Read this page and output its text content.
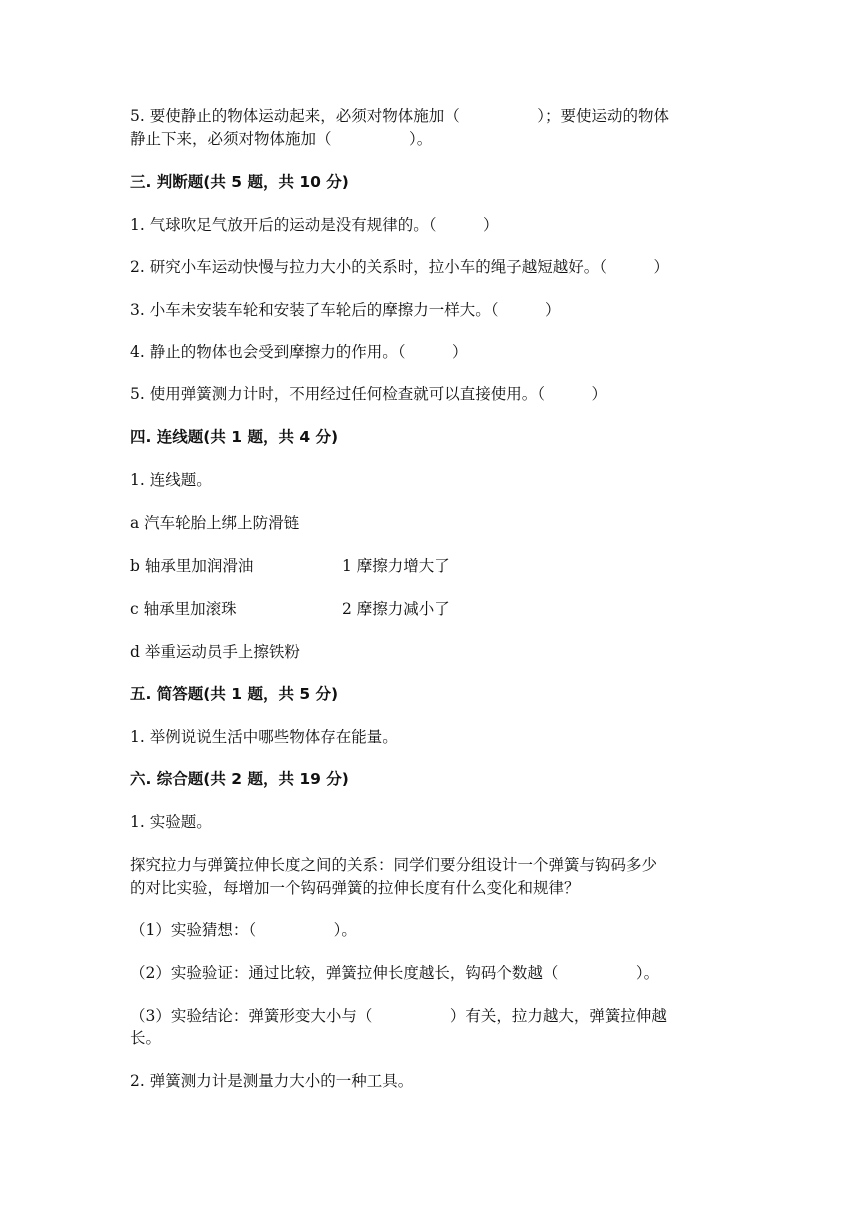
5. 要使静止的物体运动起来，必须对物体施加（　　　　　）；要使运动的物体
静止下来，必须对物体施加（　　　　　）。
三. 判断题(共 5 题，共 10 分)
1. 气球吹足气放开后的运动是没有规律的。（　　　）
2. 研究小车运动快慢与拉力大小的关系时，拉小车的绳子越短越好。（　　　）
3. 小车未安装车轮和安装了车轮后的摩擦力一样大。（　　　）
4. 静止的物体也会受到摩擦力的作用。（　　　）
5. 使用弹簧测力计时，不用经过任何检查就可以直接使用。（　　　）
四. 连线题(共 1 题，共 4 分)
1. 连线题。
a 汽车轮胎上绑上防滑链
b 轴承里加润滑油	1 摩擦力增大了
c 轴承里加滚珠	2 摩擦力减小了
d 举重运动员手上擦铁粉
五. 简答题(共 1 题，共 5 分)
1. 举例说说生活中哪些物体存在能量。
六. 综合题(共 2 题，共 19 分)
1. 实验题。
探究拉力与弹簧拉伸长度之间的关系：同学们要分组设计一个弹簧与钩码多少
的对比实验，每增加一个钩码弹簧的拉伸长度有什么变化和规律？
（1）实验猜想：（　　　　　）。
（2）实验验证：通过比较，弹簧拉伸长度越长，钩码个数越（　　　　　）。
（3）实验结论：弹簧形变大小与（　　　　　）有关，拉力越大，弹簧拉伸越
长。
2. 弹簧测力计是测量力大小的一种工具。
